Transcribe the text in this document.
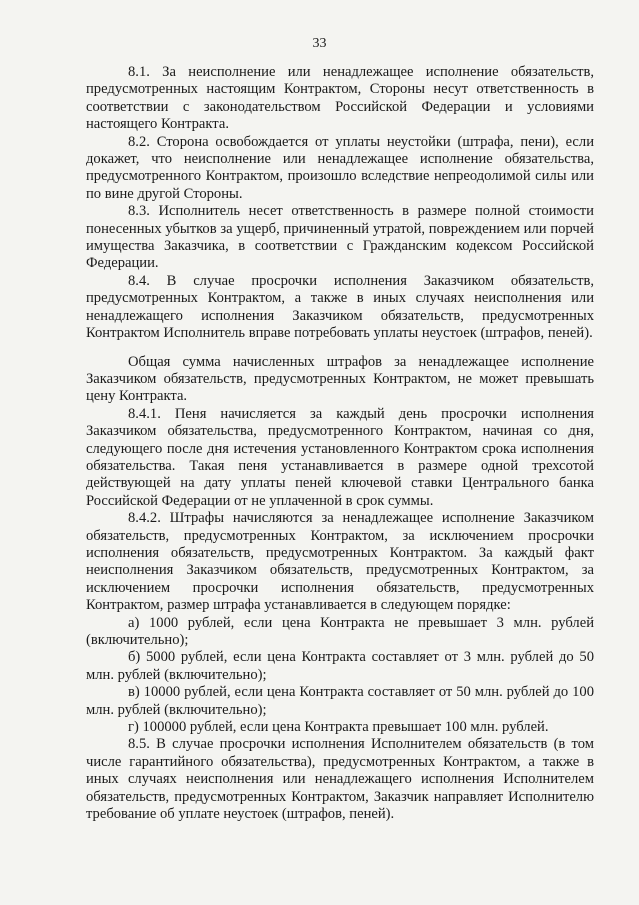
33

8.1. За неисполнение или ненадлежащее исполнение обязательств, предусмотренных настоящим Контрактом, Стороны несут ответственность в соответствии с законодательством Российской Федерации и условиями настоящего Контракта.

8.2. Сторона освобождается от уплаты неустойки (штрафа, пени), если докажет, что неисполнение или ненадлежащее исполнение обязательства, предусмотренного Контрактом, произошло вследствие непреодолимой силы или по вине другой Стороны.

8.3. Исполнитель несет ответственность в размере полной стоимости понесенных убытков за ущерб, причиненный утратой, повреждением или порчей имущества Заказчика, в соответствии с Гражданским кодексом Российской Федерации.

8.4. В случае просрочки исполнения Заказчиком обязательств, предусмотренных Контрактом, а также в иных случаях неисполнения или ненадлежащего исполнения Заказчиком обязательств, предусмотренных Контрактом Исполнитель вправе потребовать уплаты неустоек (штрафов, пеней).

Общая сумма начисленных штрафов за ненадлежащее исполнение Заказчиком обязательств, предусмотренных Контрактом, не может превышать цену Контракта.

8.4.1. Пеня начисляется за каждый день просрочки исполнения Заказчиком обязательства, предусмотренного Контрактом, начиная со дня, следующего после дня истечения установленного Контрактом срока исполнения обязательства. Такая пеня устанавливается в размере одной трехсотой действующей на дату уплаты пеней ключевой ставки Центрального банка Российской Федерации от не уплаченной в срок суммы.

8.4.2. Штрафы начисляются за ненадлежащее исполнение Заказчиком обязательств, предусмотренных Контрактом, за исключением просрочки исполнения обязательств, предусмотренных Контрактом. За каждый факт неисполнения Заказчиком обязательств, предусмотренных Контрактом, за исключением просрочки исполнения обязательств, предусмотренных Контрактом, размер штрафа устанавливается в следующем порядке:

а) 1000 рублей, если цена Контракта не превышает 3 млн. рублей (включительно);

б) 5000 рублей, если цена Контракта составляет от 3 млн. рублей до 50 млн. рублей (включительно);

в) 10000 рублей, если цена Контракта составляет от 50 млн. рублей до 100 млн. рублей (включительно);

г) 100000 рублей, если цена Контракта превышает 100 млн. рублей.

8.5. В случае просрочки исполнения Исполнителем обязательств (в том числе гарантийного обязательства), предусмотренных Контрактом, а также в иных случаях неисполнения или ненадлежащего исполнения Исполнителем обязательств, предусмотренных Контрактом, Заказчик направляет Исполнителю требование об уплате неустоек (штрафов, пеней).
